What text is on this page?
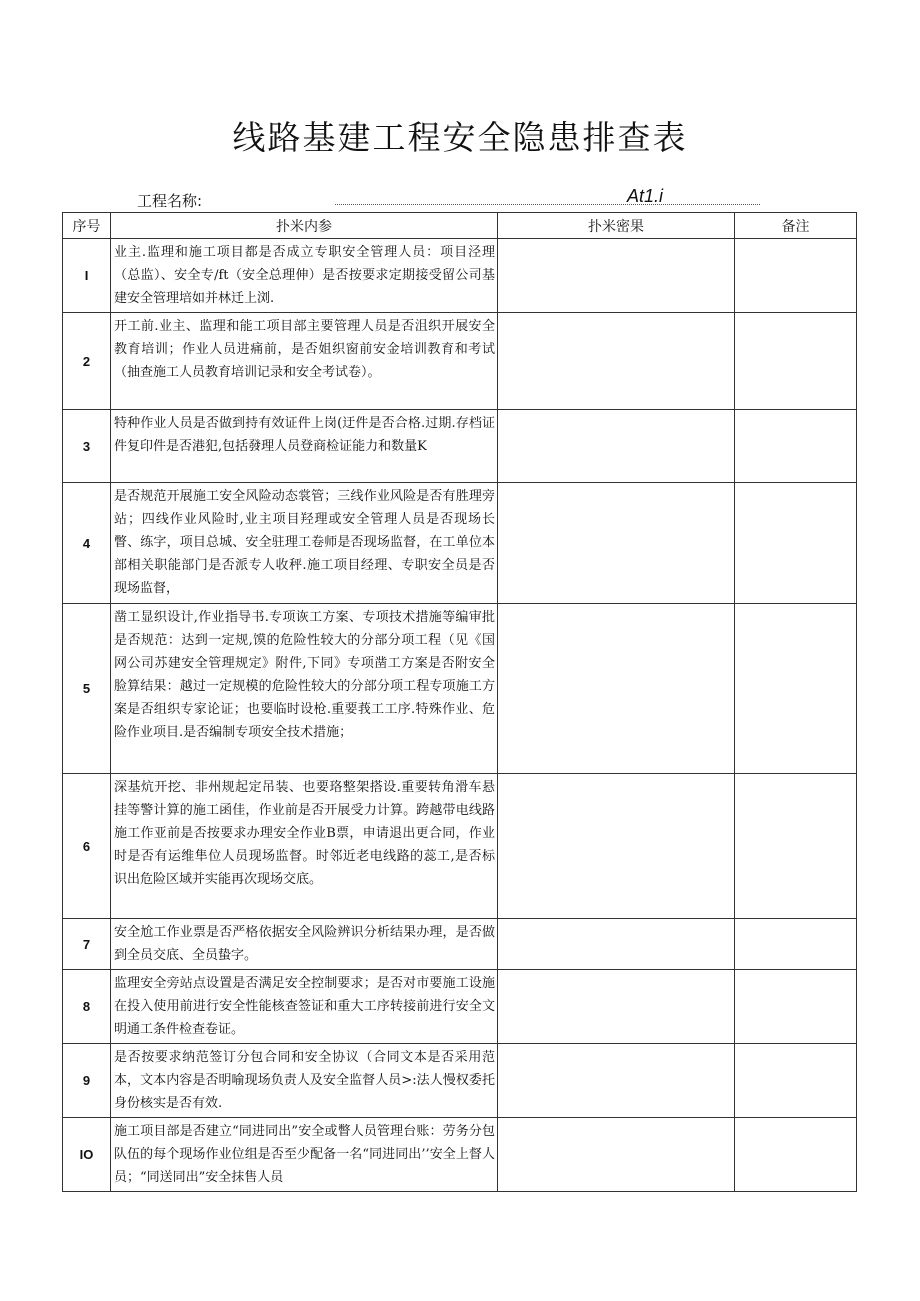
线路基建工程安全隐患排查表
工程名称:	At1.i
序号	扑米内参	扑米密果	备注
I	业主.监理和施工项目都是否成立专职安全管理人员：项目泾理（总监）、安全专/ft（安全总理伸）是否按要求定期接受留公司基建安全管理培如并林迁上浏.		
2	开工前.业主、监理和能工项目部主要管理人员是否沮织开展安全教育培训；作业人员进痛前，是否姐织窗前安金培训教育和考试（抽查施工人员教育培训记录和安全考试卷）。		
3	特种作业人员是否做到持有效证件上岗(迂件是否合格.过期.存档证件复印件是否港犯,包括發理人员登商检证能力和数量K		
4	是否规范开展施工安全风险动态裳管；三线作业风险是否有胜理旁站；四线作业风险时,业主项目羟理或安全管理人员是否现场长瞥、练字，项目总城、安全驻理工卷师是否现场监督，在工单位本部相关职能部门是否派专人收秤.施工项目经理、专职安全员是否现场监督，		
5	凿工显织设计,作业指导书.专项诙工方案、专项技术措施等编审批是否规范：达到一定规,馍的危险性较大的分部分项工程（见《国网公司苏建安全管理规定》附件,下同》专项凿工方案是否附安全脸算结果：越过一定规模的危险性较大的分部分项工程专项施工方案是否组织专家论证；也要临时设枪.重要莪工工序.特殊作业、危险作业项目.是否编制专项安全技术措施；		
6	深基炕开挖、非州规起定吊装、也要珞整架搭设.重要转角滑车悬挂等警计算的施工函佳，作业前是否开展受力计算。跨越带电线路施工作亚前是否按要求办理安全作业B票，申请退出更合同，作业时是否有运维隼位人员现场监督。时邻近老电线路的蕊工,是否标识出危险区域并实能再次现场交底。		
7	安全尬工作业票是否严格依据安全风险辨识分析结果办理，是否做到全员交底、全员蛰字。		
8	监理安全旁站点设置是否满足安全控制要求；是否对市要施工设施在投入使用前进行安全性能核查签证和重大工序转接前进行安全文明通工条件检查卷证。		
9	是否按要求纳范签订分包合同和安全协议（合同文本是否采用范本，文本内容是否明喻现场负责人及安全监督人员>:法人慢权委托身份核实是否有效.		
IO	施工项目部是否建立“同进同出”安全或瞥人员管理台账：劳务分包队伍的每个现场作业位组是否至少配备一名“同进同出’’安全上督人员；“同送同出”安全抹售人员		
